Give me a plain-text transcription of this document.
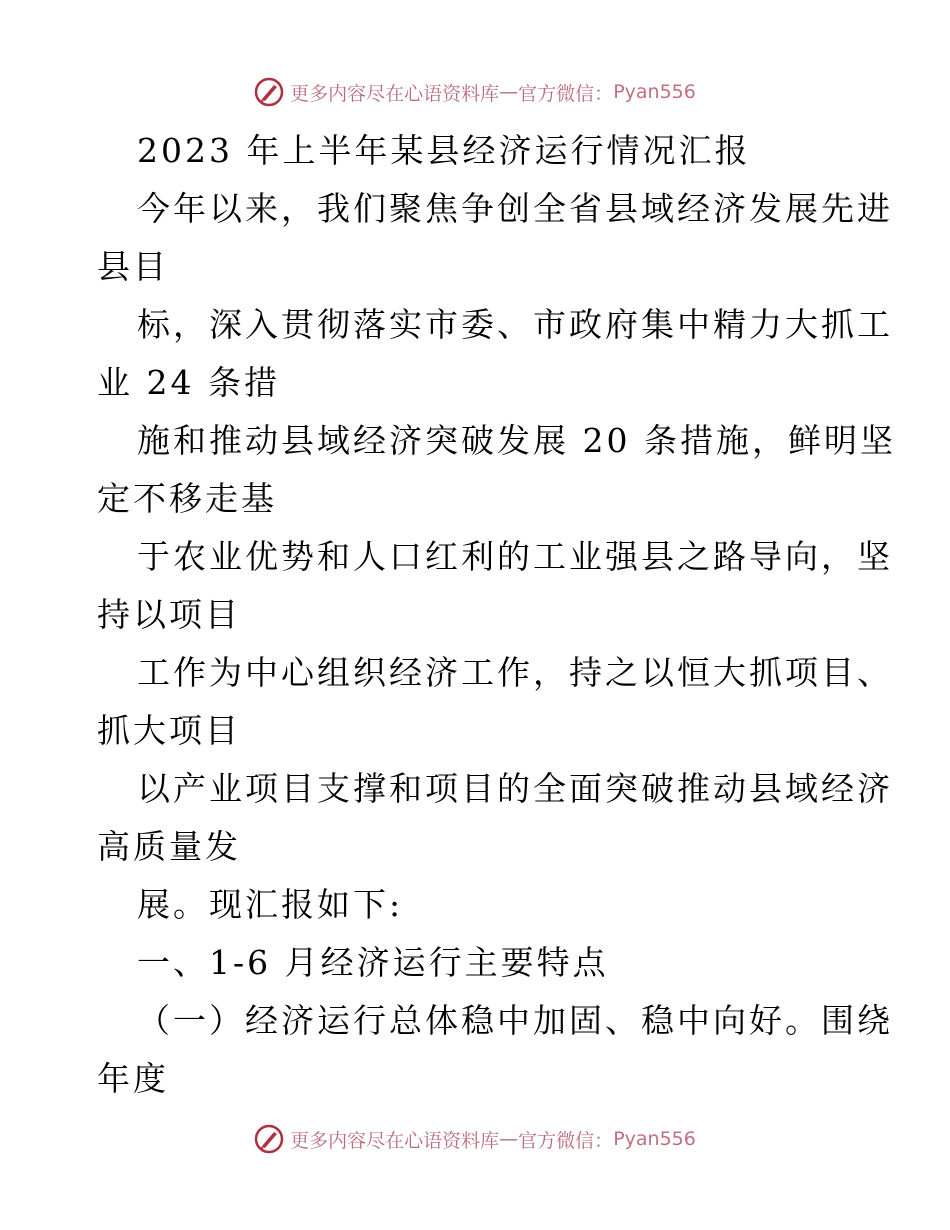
更多内容尽在心语资料库 — 官方微信： Pyan556
2023 年上半年某县经济运行情况汇报
今年以来，我们聚焦争创全省县域经济发展先进
县目
标，深入贯彻落实市委、市政府集中精力大抓工
业 24 条措
施和推动县域经济突破发展 20 条措施，鲜明坚
定不移走基
于农业优势和人口红利的工业强县之路导向，坚
持以项目
工作为中心组织经济工作，持之以恒大抓项目、
抓大项目
以产业项目支撑和项目的全面突破推动县域经济
高质量发
展。现汇报如下:
一、1-6 月经济运行主要特点
（一）经济运行总体稳中加固、稳中向好。围绕
年度
更多内容尽在心语资料库 — 官方微信： Pyan556
